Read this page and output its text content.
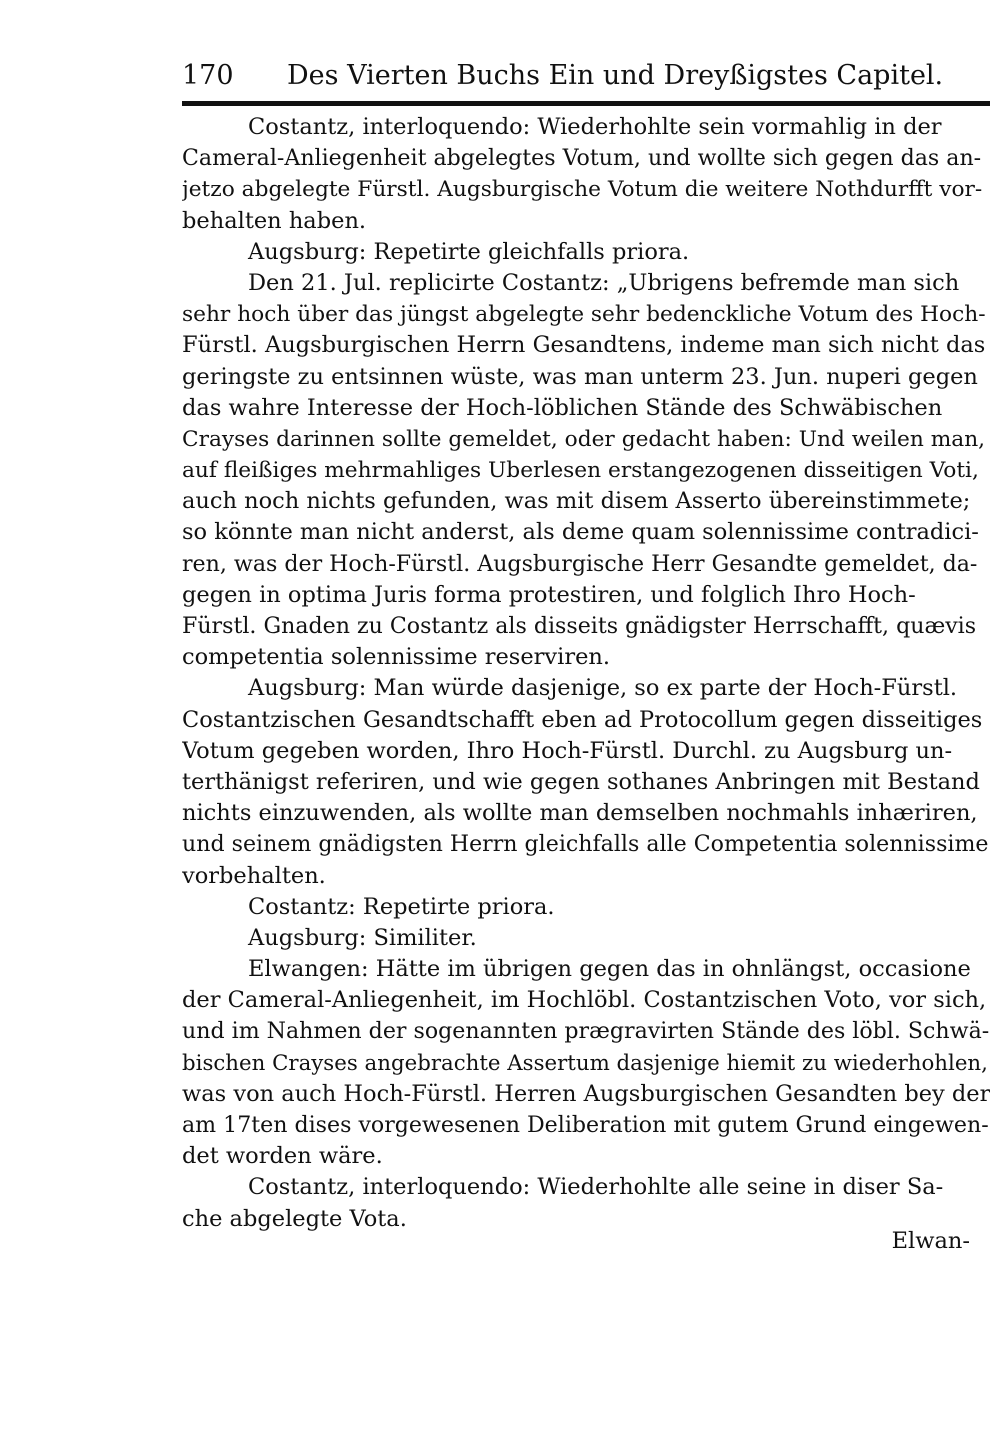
170 Des Vierten Buchs Ein und Dreyßigstes Capitel.
Costantz, interloquendo: Wiederhohlte sein vormahlig in der
Cameral-Anliegenheit abgelegtes Votum, und wollte sich gegen das an-
jetzo abgelegte Fürstl. Augsburgische Votum die weitere Nothdurfft vor-
behalten haben.
Augsburg: Repetirte gleichfalls priora.
Den 21. Jul. replicirte Costantz: „Ubrigens befremde man sich
sehr hoch über das jüngst abgelegte sehr bedenckliche Votum des Hoch-
Fürstl. Augsburgischen Herrn Gesandtens, indeme man sich nicht das
geringste zu entsinnen wüste, was man unterm 23. Jun. nuperi gegen
das wahre Interesse der Hoch-löblichen Stände des Schwäbischen
Crayses darinnen sollte gemeldet, oder gedacht haben: Und weilen man,
auf fleißiges mehrmahliges Uberlesen erstangezogenen disseitigen Voti,
auch noch nichts gefunden, was mit disem Asserto übereinstimmete;
so könnte man nicht anderst, als deme quam solennissime contradici-
ren, was der Hoch-Fürstl. Augsburgische Herr Gesandte gemeldet, da-
gegen in optima Juris forma protestiren, und folglich Ihro Hoch-
Fürstl. Gnaden zu Costantz als disseits gnädigster Herrschafft, quævis
competentia solennissime reserviren.
Augsburg: Man würde dasjenige, so ex parte der Hoch-Fürstl.
Costantzischen Gesandtschafft eben ad Protocollum gegen disseitiges
Votum gegeben worden, Ihro Hoch-Fürstl. Durchl. zu Augsburg un-
terthänigst referiren, und wie gegen sothanes Anbringen mit Bestand
nichts einzuwenden, als wollte man demselben nochmahls inhæriren,
und seinem gnädigsten Herrn gleichfalls alle Competentia solennissime
vorbehalten.
Costantz: Repetirte priora.
Augsburg: Similiter.
Elwangen: Hätte im übrigen gegen das in ohnlängst, occasione
der Cameral-Anliegenheit, im Hochlöbl. Costantzischen Voto, vor sich,
und im Nahmen der sogenannten prægravirten Stände des löbl. Schwä-
bischen Crayses angebrachte Assertum dasjenige hiemit zu wiederhohlen,
was von auch Hoch-Fürstl. Herren Augsburgischen Gesandten bey der
am 17ten dises vorgewesenen Deliberation mit gutem Grund eingewen-
det worden wäre.
Costantz, interloquendo: Wiederhohlte alle seine in diser Sa-
che abgelegte Vota.
Elwan-
